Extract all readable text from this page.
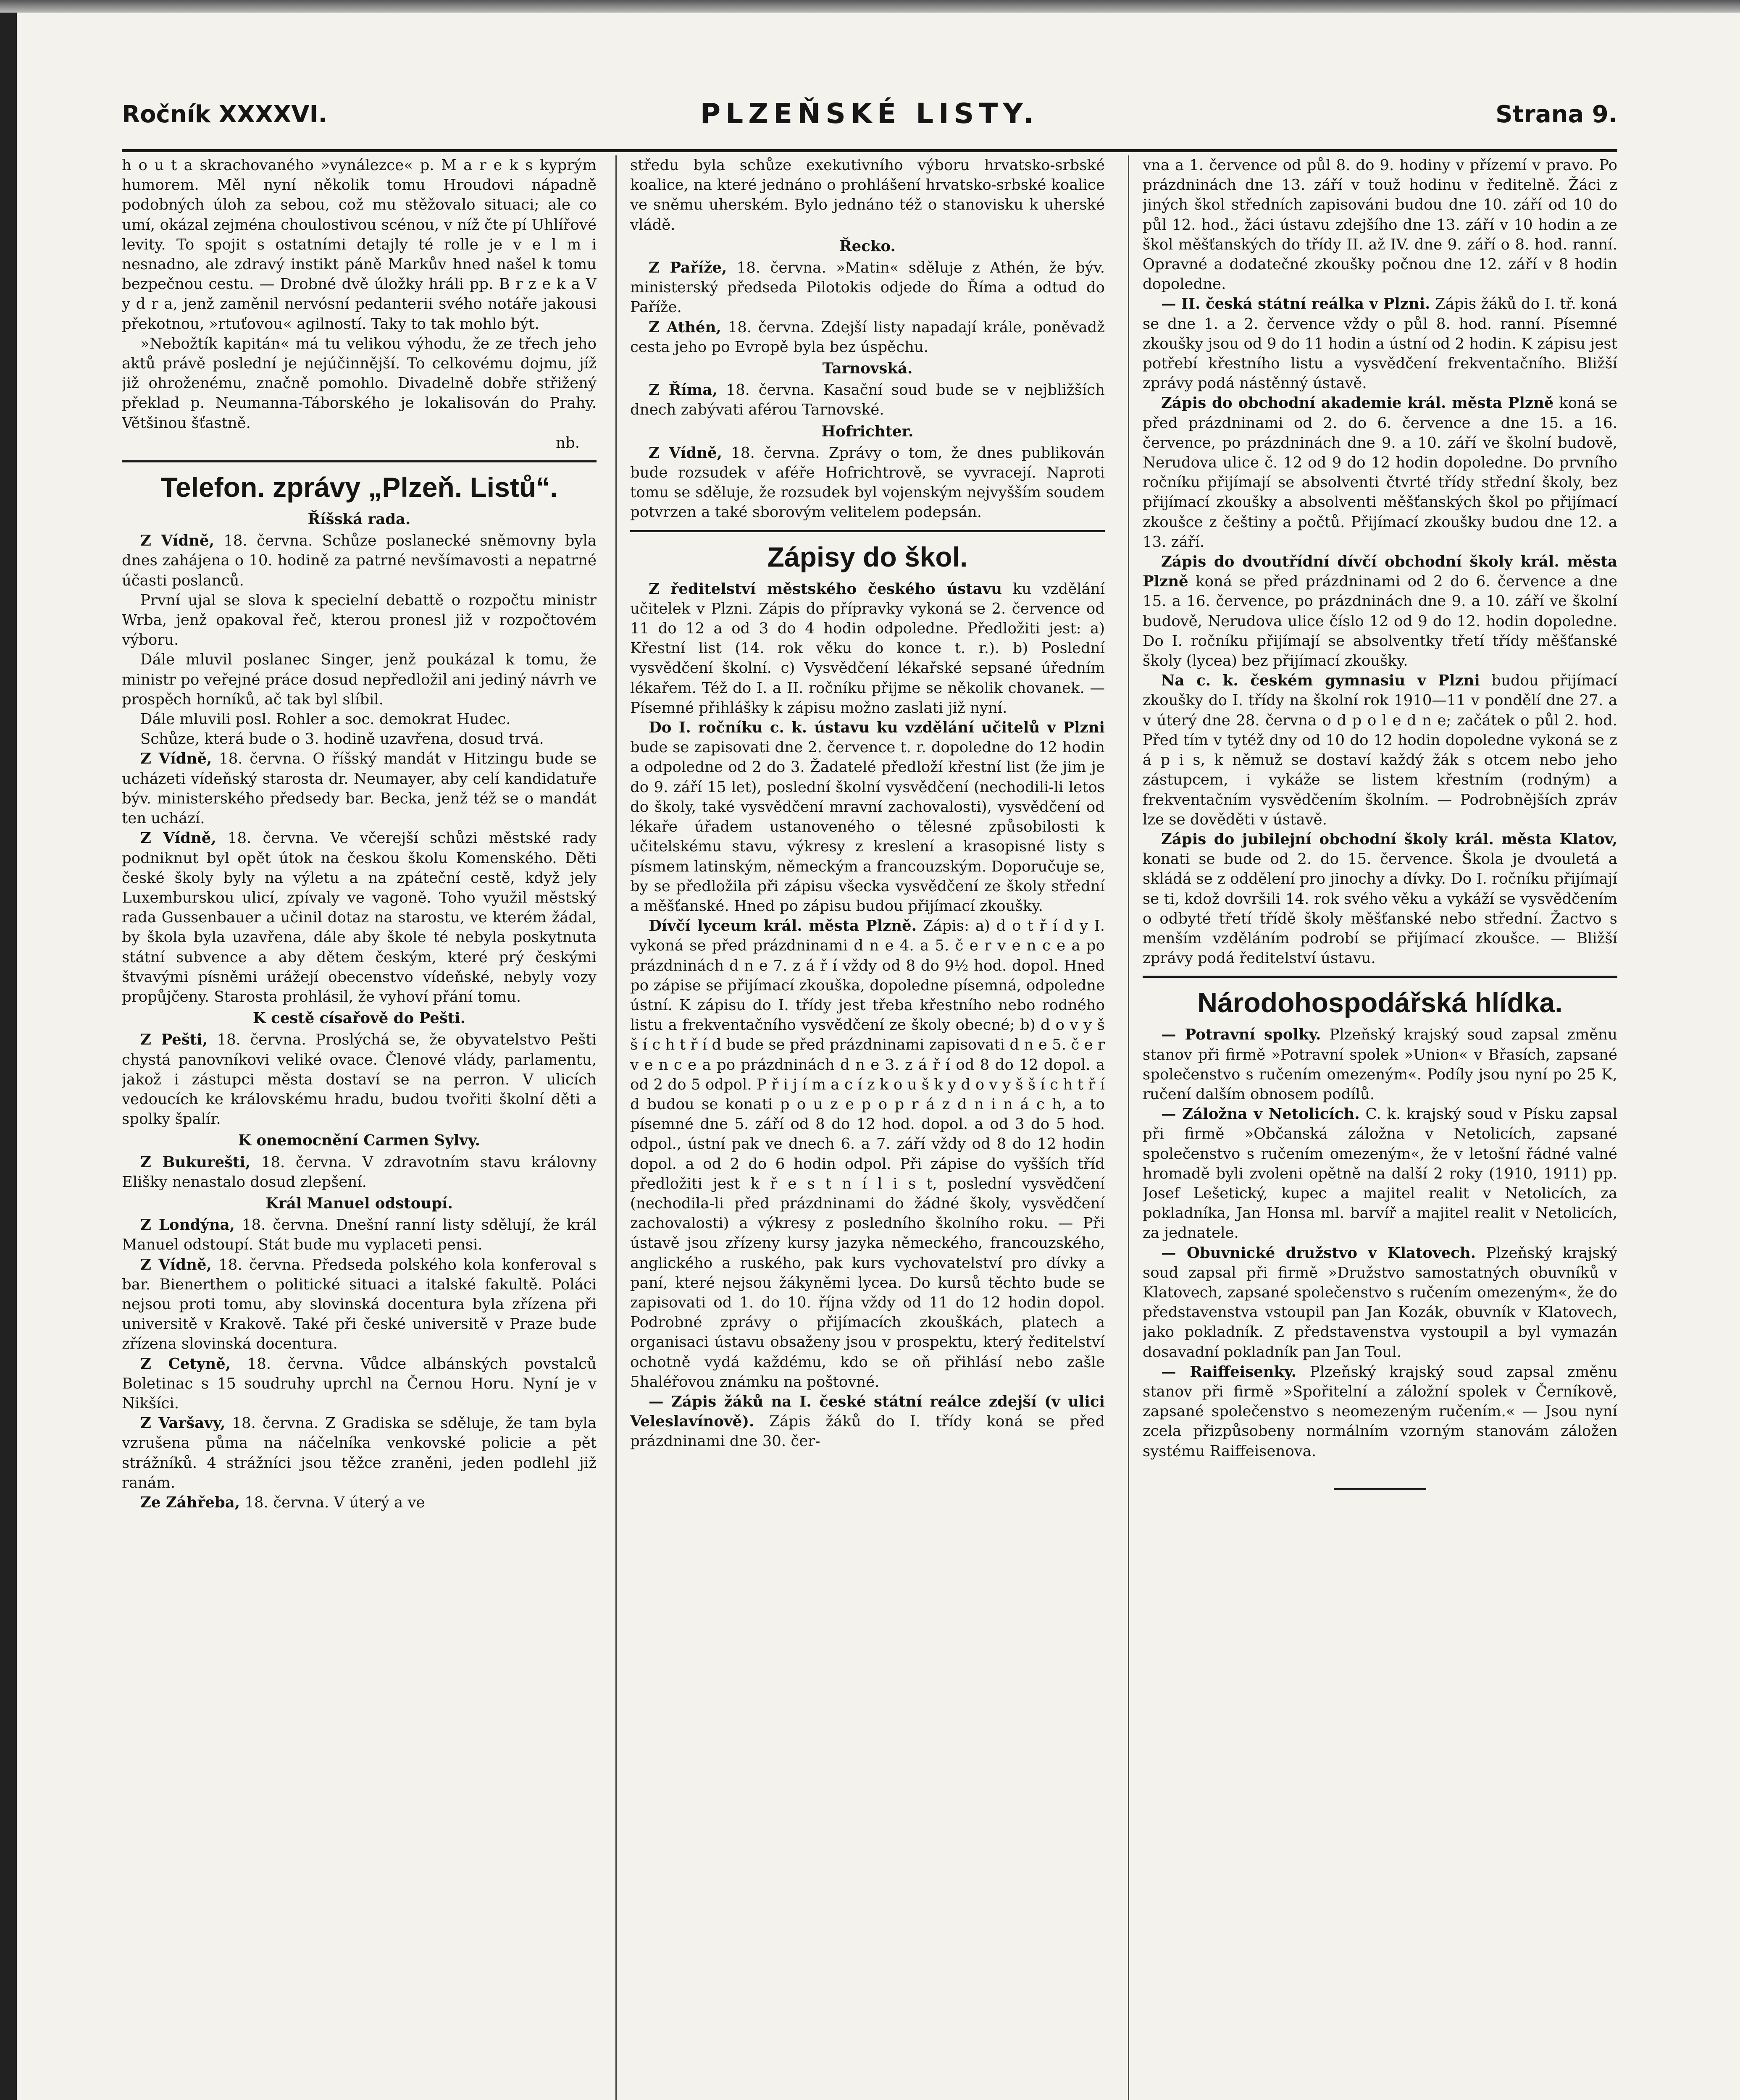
Ročník XXXXVI.	PLZEŇSKÉ LISTY.	Strana 9.

h o u t a skrachovaného »vynálezce« p. M a r e k s kyprým humorem. Měl nyní několik tomu Hroudovi nápadně podobných úloh za sebou, což mu stěžovalo situaci; ale co umí, okázal zejména choulostivou scénou, v níž čte pí Uhlířové levity. To spojit s ostatními detajly té rolle je v e l m i nesnadno, ale zdravý instikt páně Markův hned našel k tomu bezpečnou cestu. — Drobné dvě úložky hráli pp. B r z e k a V y d r a, jenž zaměnil nervósní pedanterii svého notáře jakousi překotnou, »rtuťovou« agilností. Taky to tak mohlo být.

»Nebožtík kapitán« má tu velikou výhodu, že ze třech jeho aktů právě poslední je nejúčinnější. To celkovému dojmu, jíž již ohroženému, značně pomohlo. Divadelně dobře střižený překlad p. Neumanna-Táborského je lokalisován do Prahy. Většinou šťastně.

nb.
Telefon. zprávy „Plzeň. Listů“.
Říšská rada.

Z Vídně, 18. června. Schůze poslanecké sněmovny byla dnes zahájena o 10. hodině za patrné nevšímavosti a nepatrné účasti poslanců.

První ujal se slova k specielní debattě o rozpočtu ministr Wrba, jenž opakoval řeč, kterou pronesl již v rozpočtovém výboru.

Dále mluvil poslanec Singer, jenž poukázal k tomu, že ministr po veřejné práce dosud nepředložil ani jediný návrh ve prospěch horníků, ač tak byl slíbil.

Dále mluvili posl. Rohler a soc. demokrat Hudec.

Schůze, která bude o 3. hodině uzavřena, dosud trvá.

Z Vídně, 18. června. O říšský mandát v Hitzingu bude se ucházeti vídeňský starosta dr. Neumayer, aby celí kandidatuře býv. ministerského předsedy bar. Becka, jenž též se o mandát ten uchází.

Z Vídně, 18. června. Ve včerejší schůzi městské rady podniknut byl opět útok na českou školu Komenského. Děti české školy byly na výletu a na zpáteční cestě, když jely Luxemburskou ulicí, zpívaly ve vagoně. Toho využil městský rada Gussenbauer a učinil dotaz na starostu, ve kterém žádal, by škola byla uzavřena, dále aby škole té nebyla poskytnuta státní subvence a aby dětem českým, které prý českými štvavými písněmi urážejí obecenstvo vídeňské, nebyly vozy propůjčeny. Starosta prohlásil, že vyhoví přání tomu.

K cestě císařově do Pešti.

Z Pešti, 18. června. Proslýchá se, že obyvatelstvo Pešti chystá panovníkovi veliké ovace. Členové vlády, parlamentu, jakož i zástupci města dostaví se na perron. V ulicích vedoucích ke královskému hradu, budou tvořiti školní děti a spolky špalír.

K onemocnění Carmen Sylvy.

Z Bukurešti, 18. června. V zdravotním stavu královny Elišky nenastalo dosud zlepšení.

Král Manuel odstoupí.

Z Londýna, 18. června. Dnešní ranní listy sdělují, že král Manuel odstoupí. Stát bude mu vyplaceti pensi.

Z Vídně, 18. června. Předseda polského kola konferoval s bar. Bienerthem o politické situaci a italské fakultě. Poláci nejsou proti tomu, aby slovinská docentura byla zřízena při universitě v Krakově. Také při české universitě v Praze bude zřízena slovinská docentura.

Z Cetyně, 18. června. Vůdce albánských povstalců Boletinac s 15 soudruhy uprchl na Černou Horu. Nyní je v Nikšíci.

Z Varšavy, 18. června. Z Gradiska se sděluje, že tam byla vzrušena půma na náčelníka venkovské policie a pět strážníků. 4 strážníci jsou těžce zraněni, jeden podlehl již ranám.

Ze Záhřeba, 18. června. V úterý a ve

středu byla schůze exekutivního výboru hrvatsko-srbské koalice, na které jednáno o prohlášení hrvatsko-srbské koalice ve sněmu uherském. Bylo jednáno též o stanovisku k uherské vládě.

Řecko.

Z Paříže, 18. června. »Matin« sděluje z Athén, že býv. ministerský předseda Pilotokis odjede do Říma a odtud do Paříže.

Z Athén, 18. června. Zdejší listy napadají krále, poněvadž cesta jeho po Evropě byla bez úspěchu.

Tarnovská.

Z Říma, 18. června. Kasační soud bude se v nejbližších dnech zabývati aférou Tarnovské.

Hofrichter.

Z Vídně, 18. června. Zprávy o tom, že dnes publikován bude rozsudek v aféře Hofrichtrově, se vyvracejí. Naproti tomu se sděluje, že rozsudek byl vojenským nejvyšším soudem potvrzen a také sborovým velitelem podepsán.

Zápisy do škol.

Z ředitelství městského českého ústavu ku vzdělání učitelek v Plzni. Zápis do přípravky vykoná se 2. července od 11 do 12 a od 3 do 4 hodin odpoledne. Předložiti jest: a) Křestní list (14. rok věku do konce t. r.). b) Poslední vysvědčení školní. c) Vysvědčení lékařské sepsané úředním lékařem. Též do I. a II. ročníku přijme se několik chovanek. — Písemné přihlášky k zápisu možno zaslati již nyní.

Do I. ročníku c. k. ústavu ku vzdělání učitelů v Plzni bude se zapisovati dne 2. července t. r. dopoledne do 12 hodin a odpoledne od 2 do 3. Žadatelé předloží křestní list (že jim je do 9. září 15 let), poslední školní vysvědčení (nechodili-li letos do školy, také vysvědčení mravní zachovalosti), vysvědčení od lékaře úřadem ustanoveného o tělesné způsobilosti k učitelskému stavu, výkresy z kreslení a krasopisné listy s písmem latinským, německým a francouzským. Doporučuje se, by se předložila při zápisu všecka vysvědčení ze školy střední a měšťanské. Hned po zápisu budou přijímací zkoušky.

Dívčí lyceum král. města Plzně. Zápis: a) d o t ř í d y I. vykoná se před prázdninami d n e 4. a 5. č e r v e n c e a po prázdninách d n e 7. z á ř í vždy od 8 do 9½ hod. dopol. Hned po zápise se přijímací zkouška, dopoledne písemná, odpoledne ústní. K zápisu do I. třídy jest třeba křestního nebo rodného listu a frekventačního vysvědčení ze školy obecné; b) d o v y š š í c h t ř í d bude se před prázdninami zapisovati d n e 5. č e r v e n c e a po prázdninách d n e 3. z á ř í od 8 do 12 dopol. a od 2 do 5 odpol. P ř i j í m a c í z k o u š k y d o v y š š í c h t ř í d budou se konati p o u z e p o p r á z d n i n á c h, a to písemné dne 5. září od 8 do 12 hod. dopol. a od 3 do 5 hod. odpol., ústní pak ve dnech 6. a 7. září vždy od 8 do 12 hodin dopol. a od 2 do 6 hodin odpol. Při zápise do vyšších tříd předložiti jest k ř e s t n í l i s t, poslední vysvědčení (nechodila-li před prázdninami do žádné školy, vysvědčení zachovalosti) a výkresy z posledního školního roku. — Při ústavě jsou zřízeny kursy jazyka německého, francouzského, anglického a ruského, pak kurs vychovatelství pro dívky a paní, které nejsou žákyněmi lycea. Do kursů těchto bude se zapisovati od 1. do 10. října vždy od 11 do 12 hodin dopol. Podrobné zprávy o přijímacích zkouškách, platech a organisaci ústavu obsaženy jsou v prospektu, který ředitelství ochotně vydá každému, kdo se oň přihlásí nebo zašle 5haléřovou známku na poštovné.

— Zápis žáků na I. české státní reálce zdejší (v ulici Veleslavínově). Zápis žáků do I. třídy koná se před prázdninami dne 30. čer-

vna a 1. července od půl 8. do 9. hodiny v přízemí v pravo. Po prázdninách dne 13. září v touž hodinu v ředitelně. Žáci z jiných škol středních zapisováni budou dne 10. září od 10 do půl 12. hod., žáci ústavu zdejšího dne 13. září v 10 hodin a ze škol měšťanských do třídy II. až IV. dne 9. září o 8. hod. ranní. Opravné a dodatečné zkoušky počnou dne 12. září v 8 hodin dopoledne.

— II. česká státní reálka v Plzni. Zápis žáků do I. tř. koná se dne 1. a 2. července vždy o půl 8. hod. ranní. Písemné zkoušky jsou od 9 do 11 hodin a ústní od 2 hodin. K zápisu jest potřebí křestního listu a vysvědčení frekventačního. Bližší zprávy podá nástěnný ústavě.

Zápis do obchodní akademie král. města Plzně koná se před prázdninami od 2. do 6. července a dne 15. a 16. července, po prázdninách dne 9. a 10. září ve školní budově, Nerudova ulice č. 12 od 9 do 12 hodin dopoledne. Do prvního ročníku přijímají se absolventi čtvrté třídy střední školy, bez přijímací zkoušky a absolventi měšťanských škol po přijímací zkoušce z češtiny a počtů. Přijímací zkoušky budou dne 12. a 13. září.

Zápis do dvoutřídní dívčí obchodní školy král. města Plzně koná se před prázdninami od 2 do 6. července a dne 15. a 16. července, po prázdninách dne 9. a 10. září ve školní budově, Nerudova ulice číslo 12 od 9 do 12. hodin dopoledne. Do I. ročníku přijímají se absolventky třetí třídy měšťanské školy (lycea) bez přijímací zkoušky.

Na c. k. českém gymnasiu v Plzni budou přijímací zkoušky do I. třídy na školní rok 1910—11 v pondělí dne 27. a v úterý dne 28. června o d p o l e d n e; začátek o půl 2. hod. Před tím v tytéž dny od 10 do 12 hodin dopoledne vykoná se z á p i s, k němuž se dostaví každý žák s otcem nebo jeho zástupcem, i vykáže se listem křestním (rodným) a frekventačním vysvědčením školním. — Podrobnějších zpráv lze se dověděti v ústavě.

Zápis do jubilejní obchodní školy král. města Klatov, konati se bude od 2. do 15. července. Škola je dvouletá a skládá se z oddělení pro jinochy a dívky. Do I. ročníku přijímají se ti, kdož dovršili 14. rok svého věku a vykáží se vysvědčením o odbyté třetí třídě školy měšťanské nebo střední. Žactvo s menším vzděláním podrobí se přijímací zkoušce. — Bližší zprávy podá ředitelství ústavu.

Národohospodářská hlídka.

— Potravní spolky. Plzeňský krajský soud zapsal změnu stanov při firmě »Potravní spolek »Union« v Břasích, zapsané společenstvo s ručením omezeným«. Podíly jsou nyní po 25 K, ručení dalším obnosem podílů.

— Záložna v Netolicích. C. k. krajský soud v Písku zapsal při firmě »Občanská záložna v Netolicích, zapsané společenstvo s ručením omezeným«, že v letošní řádné valné hromadě byli zvoleni opětně na další 2 roky (1910, 1911) pp. Josef Lešetický, kupec a majitel realit v Netolicích, za pokladníka, Jan Honsa ml. barvíř a majitel realit v Netolicích, za jednatele.

— Obuvnické družstvo v Klatovech. Plzeňský krajský soud zapsal při firmě »Družstvo samostatných obuvníků v Klatovech, zapsané společenstvo s ručením omezeným«, že do představenstva vstoupil pan Jan Kozák, obuvník v Klatovech, jako pokladník. Z představenstva vystoupil a byl vymazán dosavadní pokladník pan Jan Toul.

— Raiffeisenky. Plzeňský krajský soud zapsal změnu stanov při firmě »Spořitelní a záložní spolek v Černíkově, zapsané společenstvo s neomezeným ručením.« — Jsou nyní zcela přizpůsobeny normálním vzorným stanovám záložen systému Raiffeisenova.
